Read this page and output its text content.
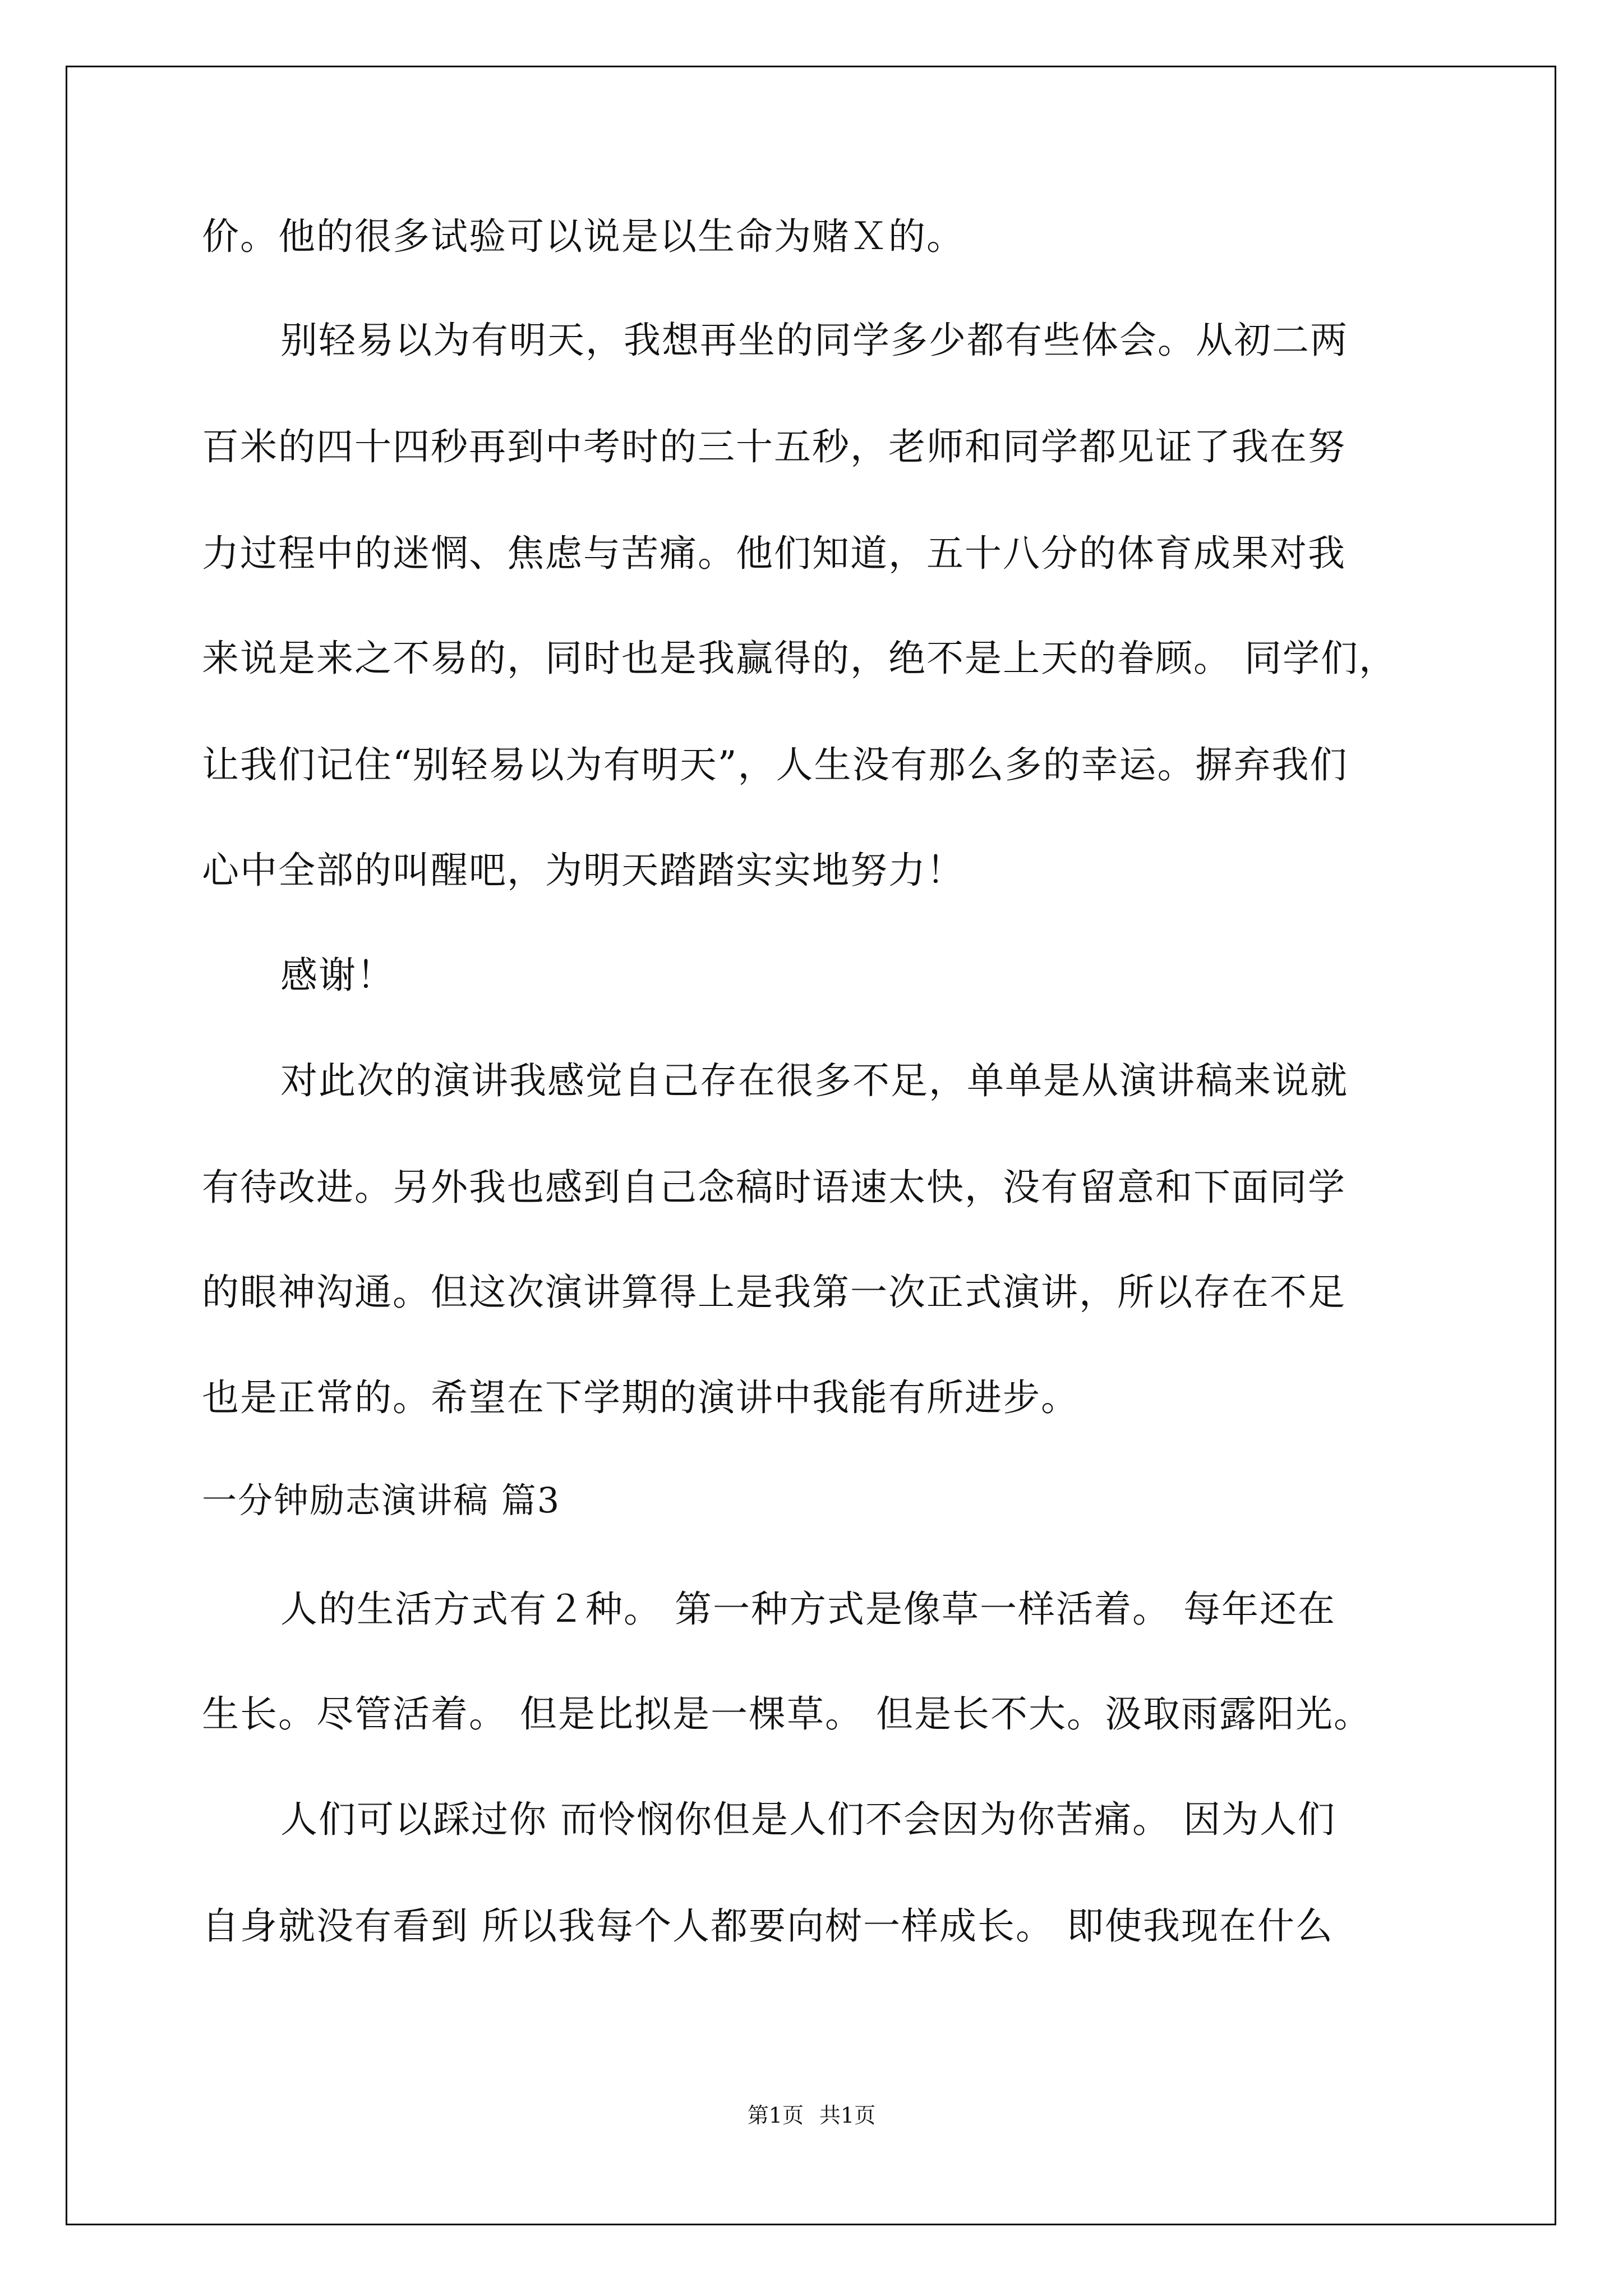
价。他的很多试验可以说是以生命为赌Ｘ的。
别轻易以为有明天，我想再坐的同学多少都有些体会。从初二两
百米的四十四秒再到中考时的三十五秒，老师和同学都见证了我在努
力过程中的迷惘、焦虑与苦痛。他们知道，五十八分的体育成果对我
来说是来之不易的，同时也是我赢得的，绝不是上天的眷顾。 同学们，
让我们记住“别轻易以为有明天”，人生没有那么多的幸运。摒弃我们
心中全部的叫醒吧，为明天踏踏实实地努力！
感谢！
对此次的演讲我感觉自己存在很多不足，单单是从演讲稿来说就
有待改进。另外我也感到自己念稿时语速太快，没有留意和下面同学
的眼神沟通。但这次演讲算得上是我第一次正式演讲，所以存在不足
也是正常的。希望在下学期的演讲中我能有所进步。
一分钟励志演讲稿 篇3
人的生活方式有２种。 第一种方式是像草一样活着。 每年还在
生长。尽管活着。 但是比拟是一棵草。 但是长不大。汲取雨露阳光。
人们可以踩过你 而怜悯你但是人们不会因为你苦痛。 因为人们
自身就没有看到 所以我每个人都要向树一样成长。 即使我现在什么
第1页 共1页
